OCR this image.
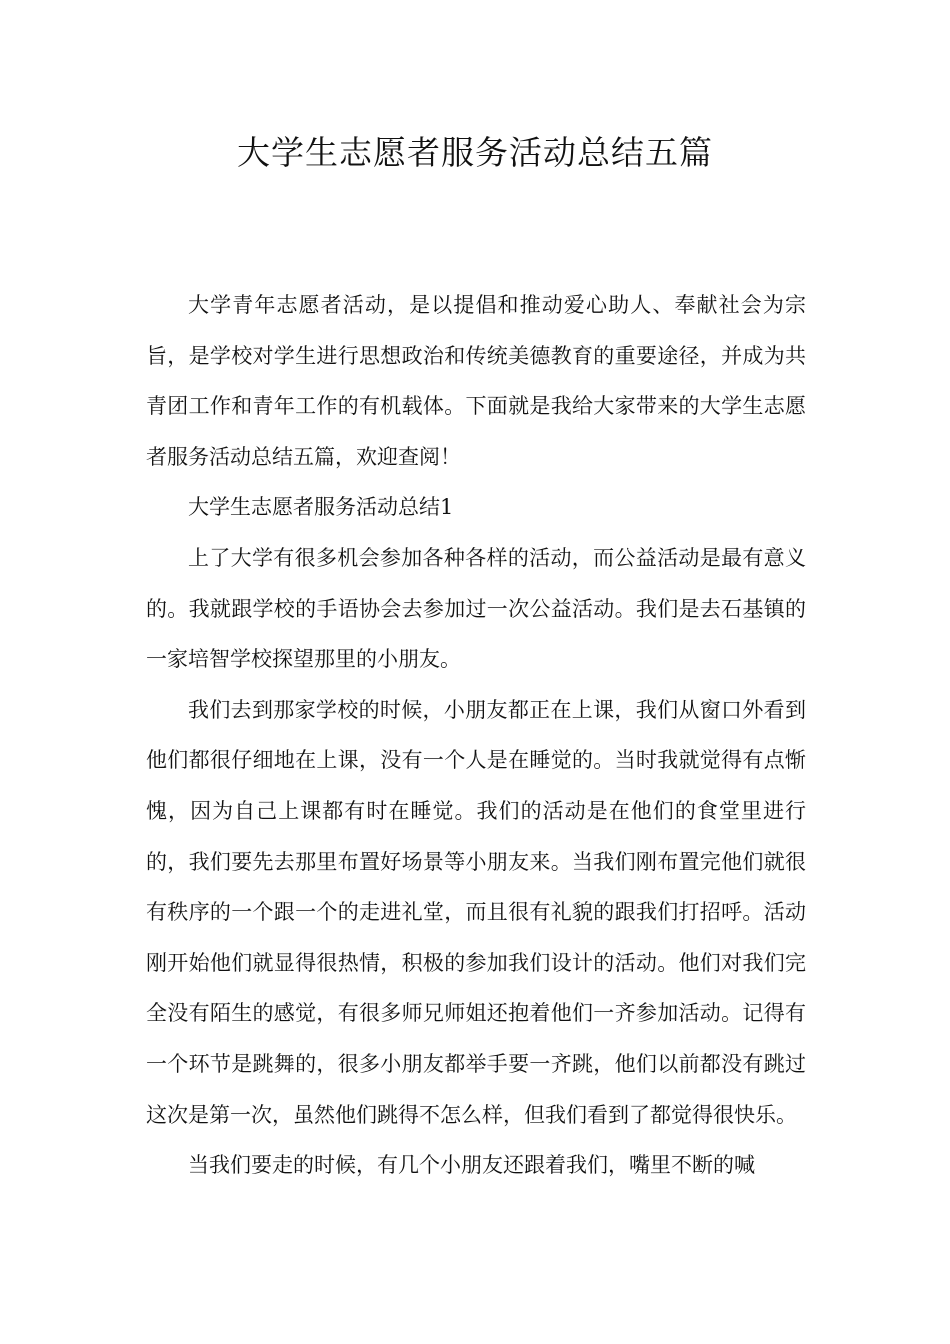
大学生志愿者服务活动总结五篇

大学青年志愿者活动，是以提倡和推动爱心助人、奉献社会为宗旨，是学校对学生进行思想政治和传统美德教育的重要途径，并成为共青团工作和青年工作的有机载体。下面就是我给大家带来的大学生志愿者服务活动总结五篇，欢迎查阅！

大学生志愿者服务活动总结1

上了大学有很多机会参加各种各样的活动，而公益活动是最有意义的。我就跟学校的手语协会去参加过一次公益活动。我们是去石基镇的一家培智学校探望那里的小朋友。

我们去到那家学校的时候，小朋友都正在上课，我们从窗口外看到他们都很仔细地在上课，没有一个人是在睡觉的。当时我就觉得有点惭愧，因为自己上课都有时在睡觉。我们的活动是在他们的食堂里进行的，我们要先去那里布置好场景等小朋友来。当我们刚布置完他们就很有秩序的一个跟一个的走进礼堂，而且很有礼貌的跟我们打招呼。活动刚开始他们就显得很热情，积极的参加我们设计的活动。他们对我们完全没有陌生的感觉，有很多师兄师姐还抱着他们一齐参加活动。记得有一个环节是跳舞的，很多小朋友都举手要一齐跳，他们以前都没有跳过这次是第一次，虽然他们跳得不怎么样，但我们看到了都觉得很快乐。

当我们要走的时候，有几个小朋友还跟着我们，嘴里不断的喊
